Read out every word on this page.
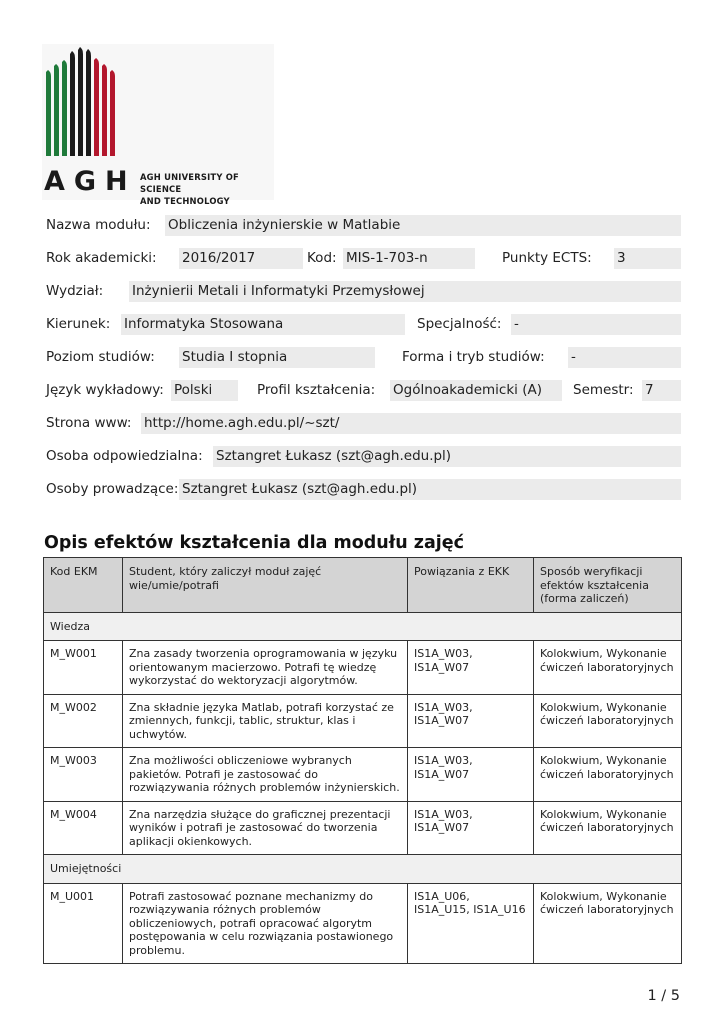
AGH AGH UNIVERSITY OF SCIENCE
AND TECHNOLOGY
Nazwa modułu: Obliczenia inżynierskie w Matlabie
Rok akademicki: 2016/2017	Kod: MIS-1-703-n	Punkty ECTS: 3
Wydział: Inżynierii Metali i Informatyki Przemysłowej
Kierunek: Informatyka Stosowana	Specjalność: -
Poziom studiów: Studia I stopnia	Forma i tryb studiów: -
Język wykładowy: Polski	Profil kształcenia: Ogólnoakademicki (A)	Semestr: 7
Strona www: http://home.agh.edu.pl/~szt/
Osoba odpowiedzialna: Sztangret Łukasz (szt@agh.edu.pl)
Osoby prowadzące: Sztangret Łukasz (szt@agh.edu.pl)
Opis efektów kształcenia dla modułu zajęć
Kod EKM	Student, który zaliczył moduł zajęć wie/umie/potrafi	Powiązania z EKK	Sposób weryfikacji efektów kształcenia (forma zaliczeń)
Wiedza			
M_W001	Zna zasady tworzenia oprogramowania w języku orientowanym macierzowo. Potrafi tę wiedzę wykorzystać do wektoryzacji algorytmów.	IS1A_W03, IS1A_W07	Kolokwium, Wykonanie ćwiczeń laboratoryjnych
M_W002	Zna składnie języka Matlab, potrafi korzystać ze zmiennych, funkcji, tablic, struktur, klas i uchwytów.	IS1A_W03, IS1A_W07	Kolokwium, Wykonanie ćwiczeń laboratoryjnych
M_W003	Zna możliwości obliczeniowe wybranych pakietów. Potrafi je zastosować do rozwiązywania różnych problemów inżynierskich.	IS1A_W03, IS1A_W07	Kolokwium, Wykonanie ćwiczeń laboratoryjnych
M_W004	Zna narzędzia służące do graficznej prezentacji wyników i potrafi je zastosować do tworzenia aplikacji okienkowych.	IS1A_W03, IS1A_W07	Kolokwium, Wykonanie ćwiczeń laboratoryjnych
Umiejętności			
M_U001	Potrafi zastosować poznane mechanizmy do rozwiązywania różnych problemów obliczeniowych, potrafi opracować algorytm postępowania w celu rozwiązania postawionego problemu.	IS1A_U06, IS1A_U15, IS1A_U16	Kolokwium, Wykonanie ćwiczeń laboratoryjnych
1 / 5
